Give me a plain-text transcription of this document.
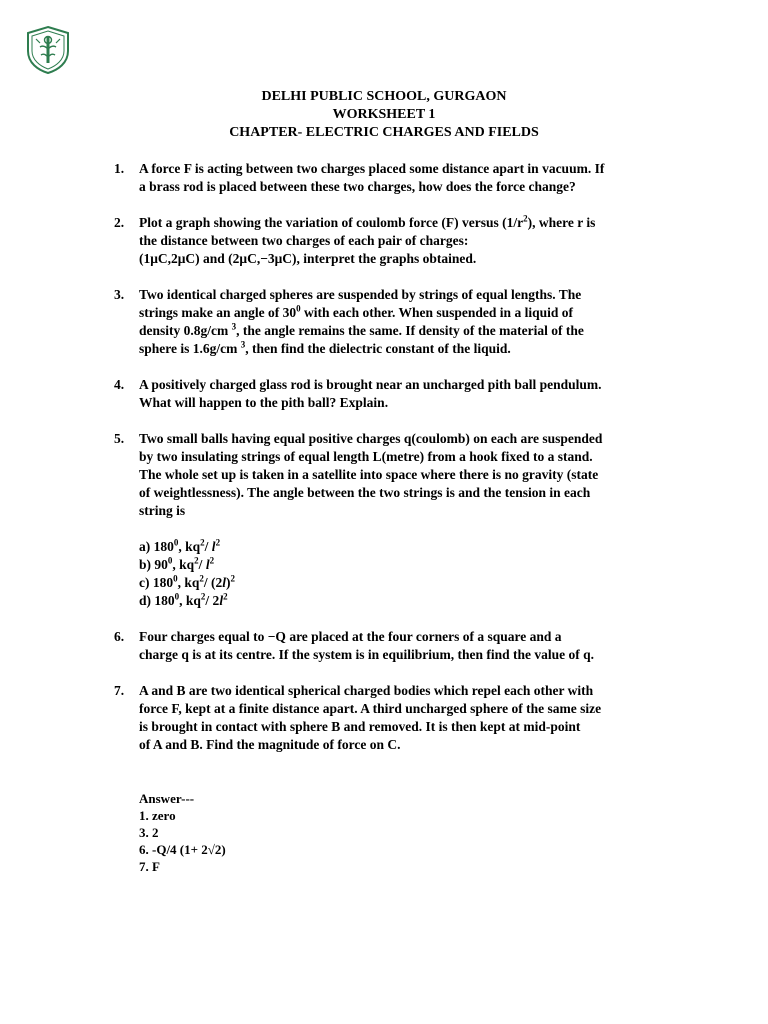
DELHI PUBLIC SCHOOL, GURGAON
WORKSHEET 1
CHAPTER- ELECTRIC CHARGES AND FIELDS
1. A force F is acting between two charges placed some distance apart in vacuum. If
a brass rod is placed between these two charges, how does the force change?
2. Plot a graph showing the variation of coulomb force (F) versus $(1/r^2)$, where r is
the distance between two charges of each pair of charges:
(1μC,2μC) and (2μC,−3μC), interpret the graphs obtained.
3. Two identical charged spheres are suspended by strings of equal lengths. The
strings make an angle of $30^0$ with each other. When suspended in a liquid of
density 0.8g/cm $^3$, the angle remains the same. If density of the material of the
sphere is 1.6g/cm $^3$, then find the dielectric constant of the liquid.
4. A positively charged glass rod is brought near an uncharged pith ball pendulum.
What will happen to the pith ball? Explain.
5. Two small balls having equal positive charges q(coulomb) on each are suspended
by two insulating strings of equal length L(metre) from a hook fixed to a stand.
The whole set up is taken in a satellite into space where there is no gravity (state
of weightlessness). The angle between the two strings is and the tension in each
string is
a) $180^0$, $kq^2/$ $l^2$
b) $90^0$, $kq^2/$ $l^2$
c) $180^0$, $kq^2/$ $(2l)^2$
d) $180^0$, $kq^2/$ $2l^2$
6. Four charges equal to −Q are placed at the four corners of a square and a
charge q is at its centre. If the system is in equilibrium, then find the value of q.
7. A and B are two identical spherical charged bodies which repel each other with
force F, kept at a finite distance apart. A third uncharged sphere of the same size
is brought in contact with sphere B and removed. It is then kept at mid-point
of A and B. Find the magnitude of force on C.
Answer---
1. zero
3. 2
6. -Q/4 (1+ 2√2)
7. F
